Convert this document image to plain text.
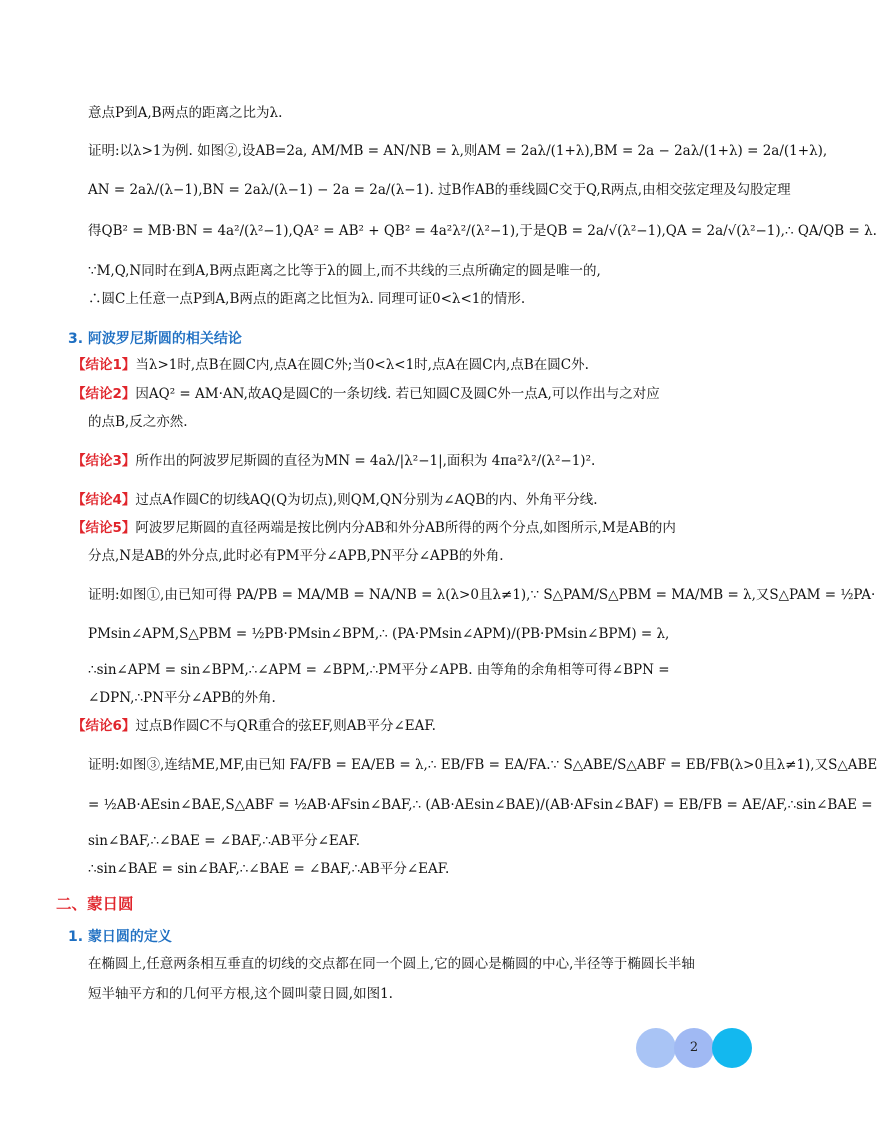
意点P到A,B两点的距离之比为λ.
证明:以λ>1为例. 如图②,设AB=2a, AM/MB = AN/NB = λ,则AM = 2aλ/(1+λ),BM = 2a − 2aλ/(1+λ) = 2a/(1+λ),
AN = 2aλ/(λ−1),BN = 2aλ/(λ−1) − 2a = 2a/(λ−1). 过B作AB的垂线圆C交于Q,R两点,由相交弦定理及勾股定理
得QB² = MB·BN = 4a²/(λ²−1),QA² = AB² + QB² = 4a²λ²/(λ²−1),于是QB = 2a/√(λ²−1),QA = 2a/√(λ²−1),∴ QA/QB = λ.
∵M,Q,N同时在到A,B两点距离之比等于λ的圆上,而不共线的三点所确定的圆是唯一的,
∴圆C上任意一点P到A,B两点的距离之比恒为λ. 同理可证0<λ<1的情形.
3. 阿波罗尼斯圆的相关结论
【结论1】当λ>1时,点B在圆C内,点A在圆C外;当0<λ<1时,点A在圆C内,点B在圆C外.
【结论2】因AQ² = AM·AN,故AQ是圆C的一条切线. 若已知圆C及圆C外一点A,可以作出与之对应
的点B,反之亦然.
【结论3】所作出的阿波罗尼斯圆的直径为MN = 4aλ/|λ²−1|,面积为 4πa²λ²/(λ²−1)².
【结论4】过点A作圆C的切线AQ(Q为切点),则QM,QN分别为∠AQB的内、外角平分线.
【结论5】阿波罗尼斯圆的直径两端是按比例内分AB和外分AB所得的两个分点,如图所示,M是AB的内
分点,N是AB的外分点,此时必有PM平分∠APB,PN平分∠APB的外角.
证明:如图①,由已知可得 PA/PB = MA/MB = NA/NB = λ(λ>0且λ≠1),∵ S△PAM/S△PBM = MA/MB = λ,又S△PAM = ½PA·
PMsin∠APM,S△PBM = ½PB·PMsin∠BPM,∴ (PA·PMsin∠APM)/(PB·PMsin∠BPM) = λ,
∴sin∠APM = sin∠BPM,∴∠APM = ∠BPM,∴PM平分∠APB. 由等角的余角相等可得∠BPN =
∠DPN,∴PN平分∠APB的外角.
【结论6】过点B作圆C不与QR重合的弦EF,则AB平分∠EAF.
证明:如图③,连结ME,MF,由已知 FA/FB = EA/EB = λ,∴ EB/FB = EA/FA.∵ S△ABE/S△ABF = EB/FB(λ>0且λ≠1),又S△ABE
= ½AB·AEsin∠BAE,S△ABF = ½AB·AFsin∠BAF,∴ (AB·AEsin∠BAE)/(AB·AFsin∠BAF) = EB/FB = AE/AF,∴sin∠BAE =
sin∠BAF,∴∠BAE = ∠BAF,∴AB平分∠EAF.
∴sin∠BAE = sin∠BAF,∴∠BAE = ∠BAF,∴AB平分∠EAF.
二、蒙日圆
1. 蒙日圆的定义
在椭圆上,任意两条相互垂直的切线的交点都在同一个圆上,它的圆心是椭圆的中心,半径等于椭圆长半轴
短半轴平方和的几何平方根,这个圆叫蒙日圆,如图1.
2
